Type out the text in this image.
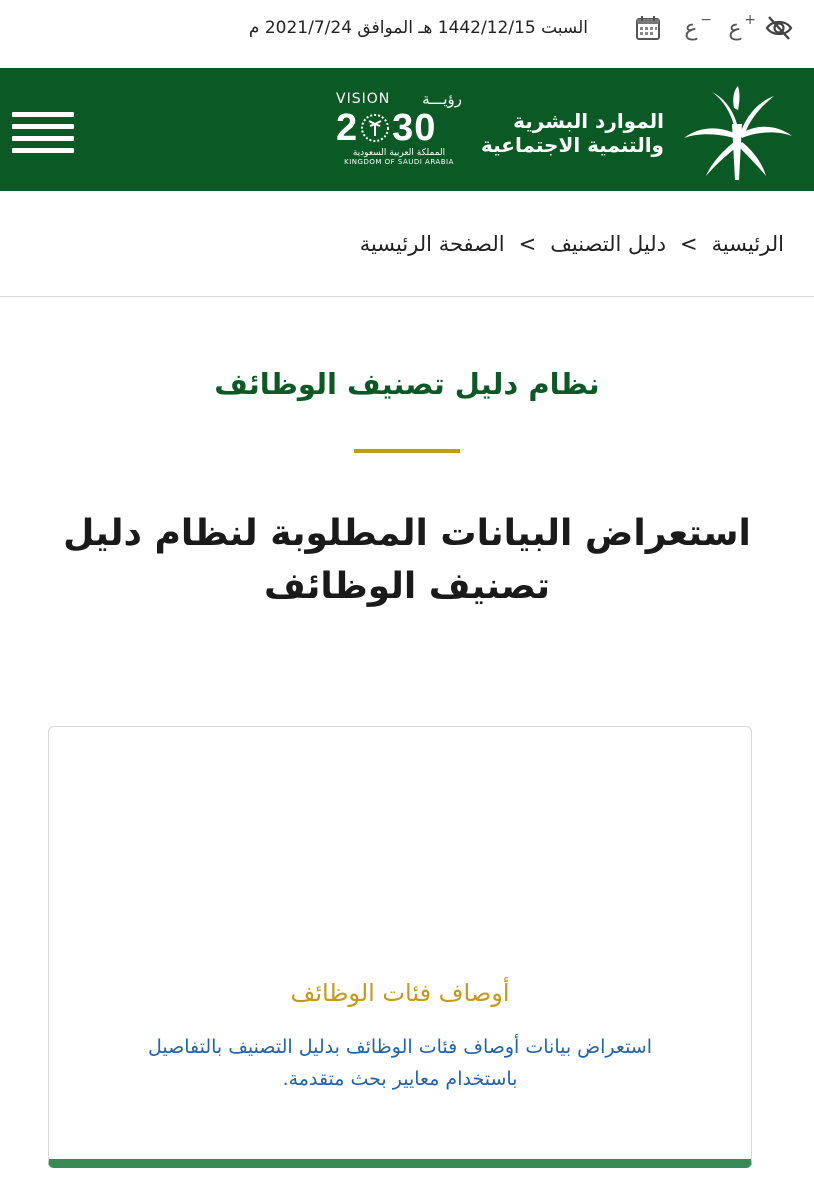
ع − ع +
السبت 1442/12/15 هـ الموافق 2021/7/24 م
VISION رؤيـــة
2 30
المملكة العربية السعودية
KINGDOM OF SAUDI ARABIA
الموارد البشرية
والتنمية الاجتماعية
الرئيسية
>
دليل التصنيف
>
الصفحة الرئيسية
نظام دليل تصنيف الوظائف
استعراض البيانات المطلوبة لنظام دليل
تصنيف الوظائف
أوصاف فئات الوظائف
استعراض بيانات أوصاف فئات الوظائف بدليل التصنيف بالتفاصيل
باستخدام معايير بحث متقدمة.
